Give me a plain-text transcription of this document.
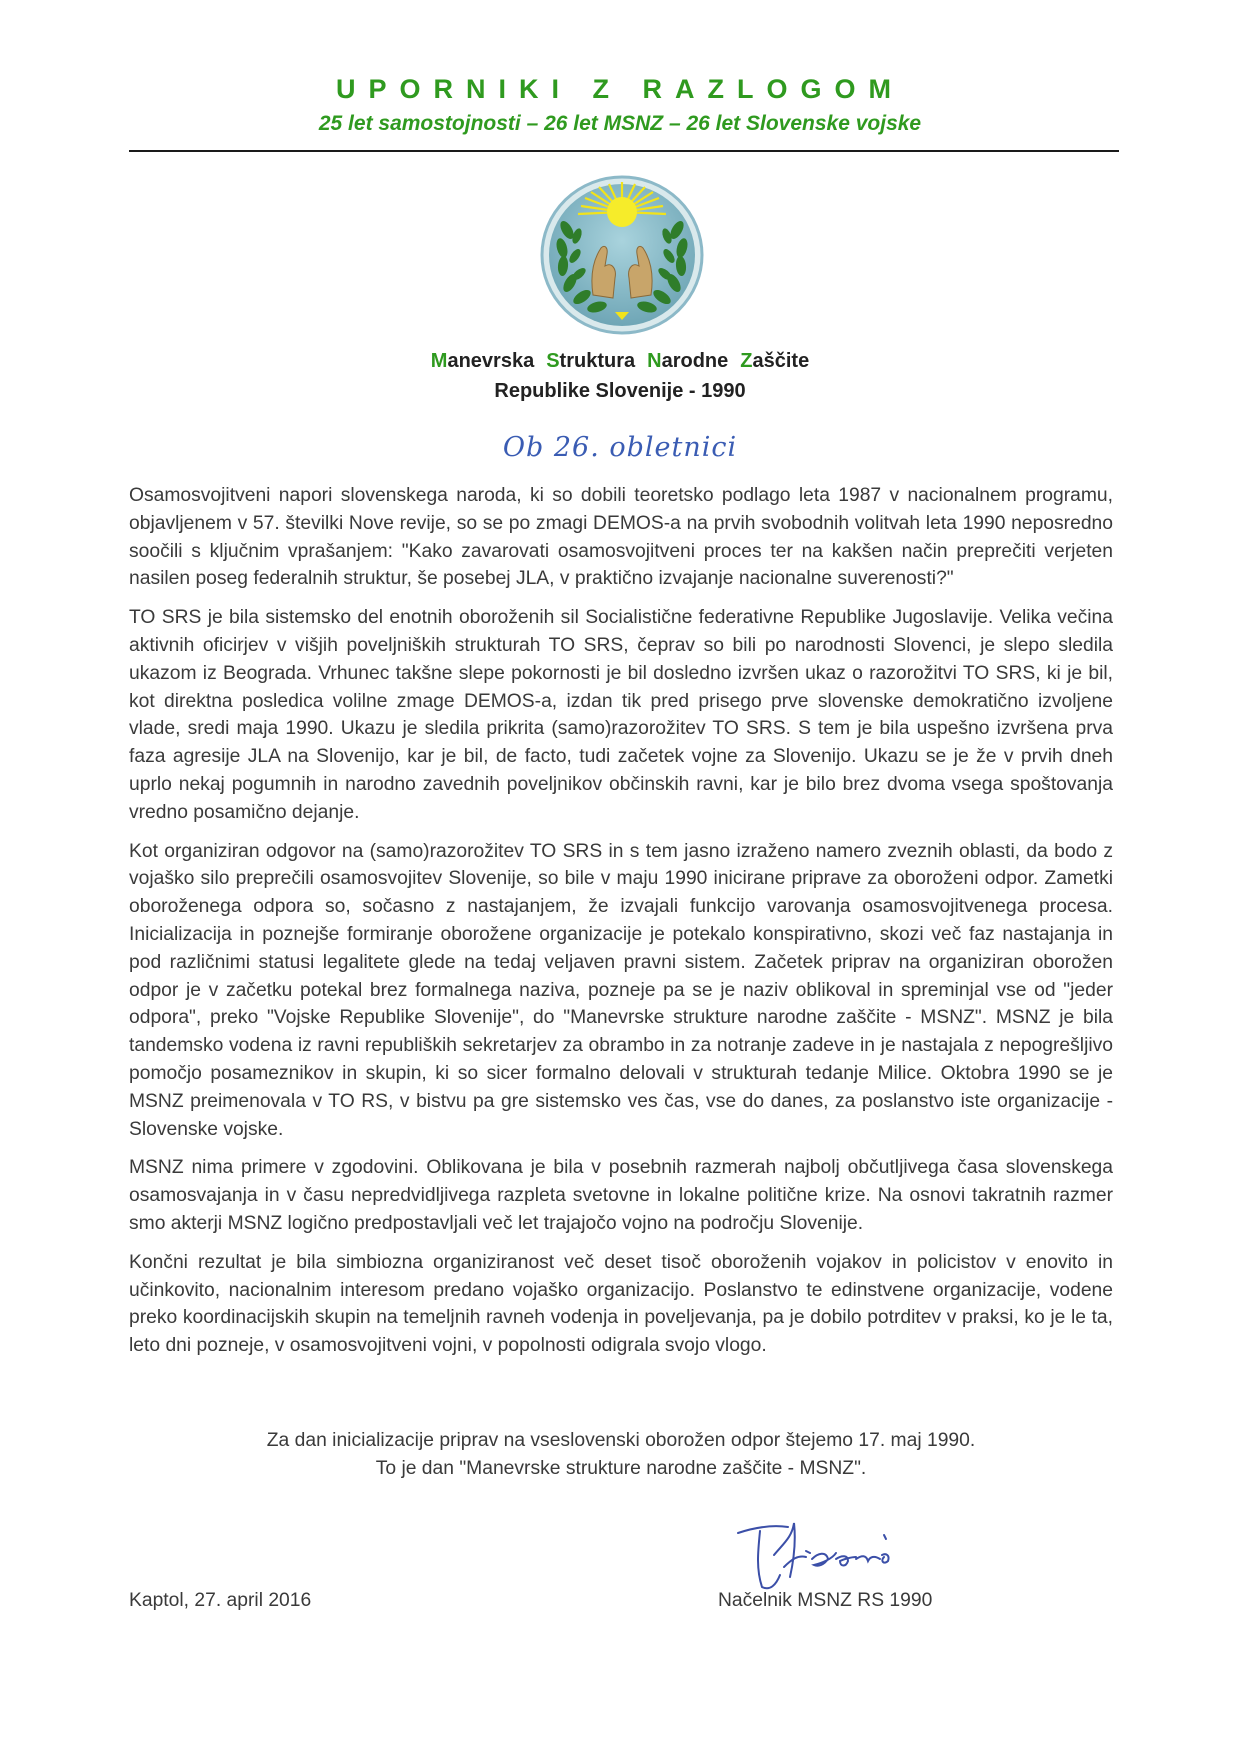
UPORNIKI Z RAZLOGOM
25 let samostojnosti – 26 let MSNZ – 26 let Slovenske vojske
Manevrska Struktura Narodne Zaščite
Republike Slovenije - 1990
Ob 26. obletnici

Osamosvojitveni napori slovenskega naroda, ki so dobili teoretsko podlago leta 1987 v nacionalnem programu, objavljenem v 57. številki Nove revije, so se po zmagi DEMOS-a na prvih svobodnih volitvah leta 1990 neposredno soočili s ključnim vprašanjem: "Kako zavarovati osamosvojitveni proces ter na kakšen način preprečiti verjeten nasilen poseg federalnih struktur, še posebej JLA, v praktično izvajanje nacionalne suverenosti?"

TO SRS je bila sistemsko del enotnih oboroženih sil Socialistične federativne Republike Jugoslavije. Velika večina aktivnih oficirjev v višjih poveljniških strukturah TO SRS, čeprav so bili po narodnosti Slovenci, je slepo sledila ukazom iz Beograda. Vrhunec takšne slepe pokornosti je bil dosledno izvršen ukaz o razorožitvi TO SRS, ki je bil, kot direktna posledica volilne zmage DEMOS-a, izdan tik pred prisego prve slovenske demokratično izvoljene vlade, sredi maja 1990. Ukazu je sledila prikrita (samo)razorožitev TO SRS. S tem je bila uspešno izvršena prva faza agresije JLA na Slovenijo, kar je bil, de facto, tudi začetek vojne za Slovenijo. Ukazu se je že v prvih dneh uprlo nekaj pogumnih in narodno zavednih poveljnikov občinskih ravni, kar je bilo brez dvoma vsega spoštovanja vredno posamično dejanje.

Kot organiziran odgovor na (samo)razorožitev TO SRS in s tem jasno izraženo namero zveznih oblasti, da bodo z vojaško silo preprečili osamosvojitev Slovenije, so bile v maju 1990 inicirane priprave za oboroženi odpor. Zametki oboroženega odpora so, sočasno z nastajanjem, že izvajali funkcijo varovanja osamosvojitvenega procesa. Inicializacija in poznejše formiranje oborožene organizacije je potekalo konspirativno, skozi več faz nastajanja in pod različnimi statusi legalitete glede na tedaj veljaven pravni sistem. Začetek priprav na organiziran oborožen odpor je v začetku potekal brez formalnega naziva, pozneje pa se je naziv oblikoval in spreminjal vse od "jeder odpora", preko "Vojske Republike Slovenije", do "Manevrske strukture narodne zaščite - MSNZ". MSNZ je bila tandemsko vodena iz ravni republiških sekretarjev za obrambo in za notranje zadeve in je nastajala z nepogrešljivo pomočjo posameznikov in skupin, ki so sicer formalno delovali v strukturah tedanje Milice. Oktobra 1990 se je MSNZ preimenovala v TO RS, v bistvu pa gre sistemsko ves čas, vse do danes, za poslanstvo iste organizacije - Slovenske vojske.

MSNZ nima primere v zgodovini. Oblikovana je bila v posebnih razmerah najbolj občutljivega časa slovenskega osamosvajanja in v času nepredvidljivega razpleta svetovne in lokalne politične krize. Na osnovi takratnih razmer smo akterji MSNZ logično predpostavljali več let trajajočo vojno na področju Slovenije.

Končni rezultat je bila simbiozna organiziranost več deset tisoč oboroženih vojakov in policistov v enovito in učinkovito, nacionalnim interesom predano vojaško organizacijo. Poslanstvo te edinstvene organizacije, vodene preko koordinacijskih skupin na temeljnih ravneh vodenja in poveljevanja, pa je dobilo potrditev v praksi, ko je le ta, leto dni pozneje, v osamosvojitveni vojni, v popolnosti odigrala svojo vlogo.

Za dan inicializacije priprav na vseslovenski oborožen odpor štejemo 17. maj 1990.
To je dan "Manevrske strukture narodne zaščite - MSNZ".
Kaptol, 27. april 2016	Načelnik MSNZ RS 1990
